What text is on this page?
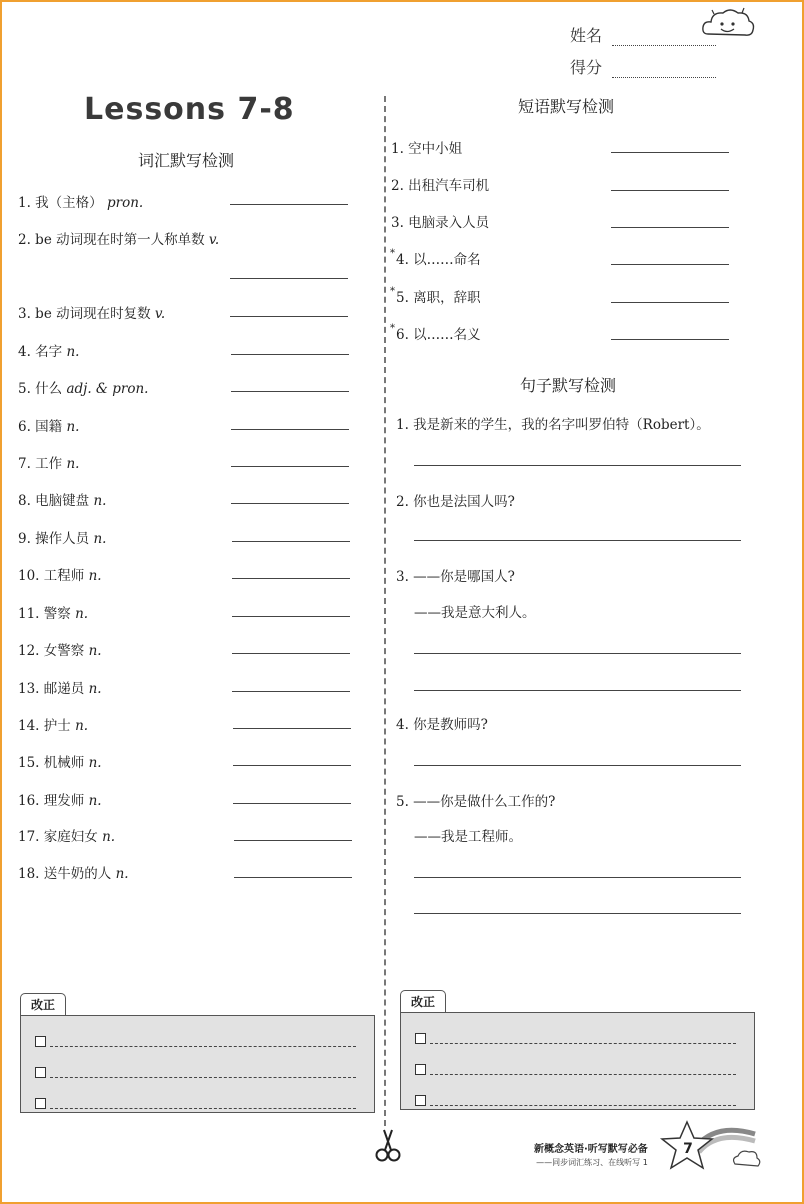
姓名
得分
Lessons 7-8
词汇默写检测
1. 我（主格） pron.
2. be 动词现在时第一人称单数 v.
3. be 动词现在时复数 v.
4. 名字 n.
5. 什么 adj. & pron.
6. 国籍 n.
7. 工作 n.
8. 电脑键盘 n.
9. 操作人员 n.
10. 工程师 n.
11. 警察 n.
12. 女警察 n.
13. 邮递员 n.
14. 护士 n.
15. 机械师 n.
16. 理发师 n.
17. 家庭妇女 n.
18. 送牛奶的人 n.
短语默写检测
1. 空中小姐
2. 出租汽车司机
3. 电脑录入人员
*4. 以……命名
*5. 离职，辞职
*6. 以……名义
句子默写检测
1. 我是新来的学生，我的名字叫罗伯特（Robert）。
2. 你也是法国人吗?
3. ——你是哪国人?
——我是意大利人。
4. 你是教师吗?
5. ——你是做什么工作的?
——我是工程师。
改正	改正
新概念英语·听写默写必备
——同步词汇练习、在线听写 1
7
